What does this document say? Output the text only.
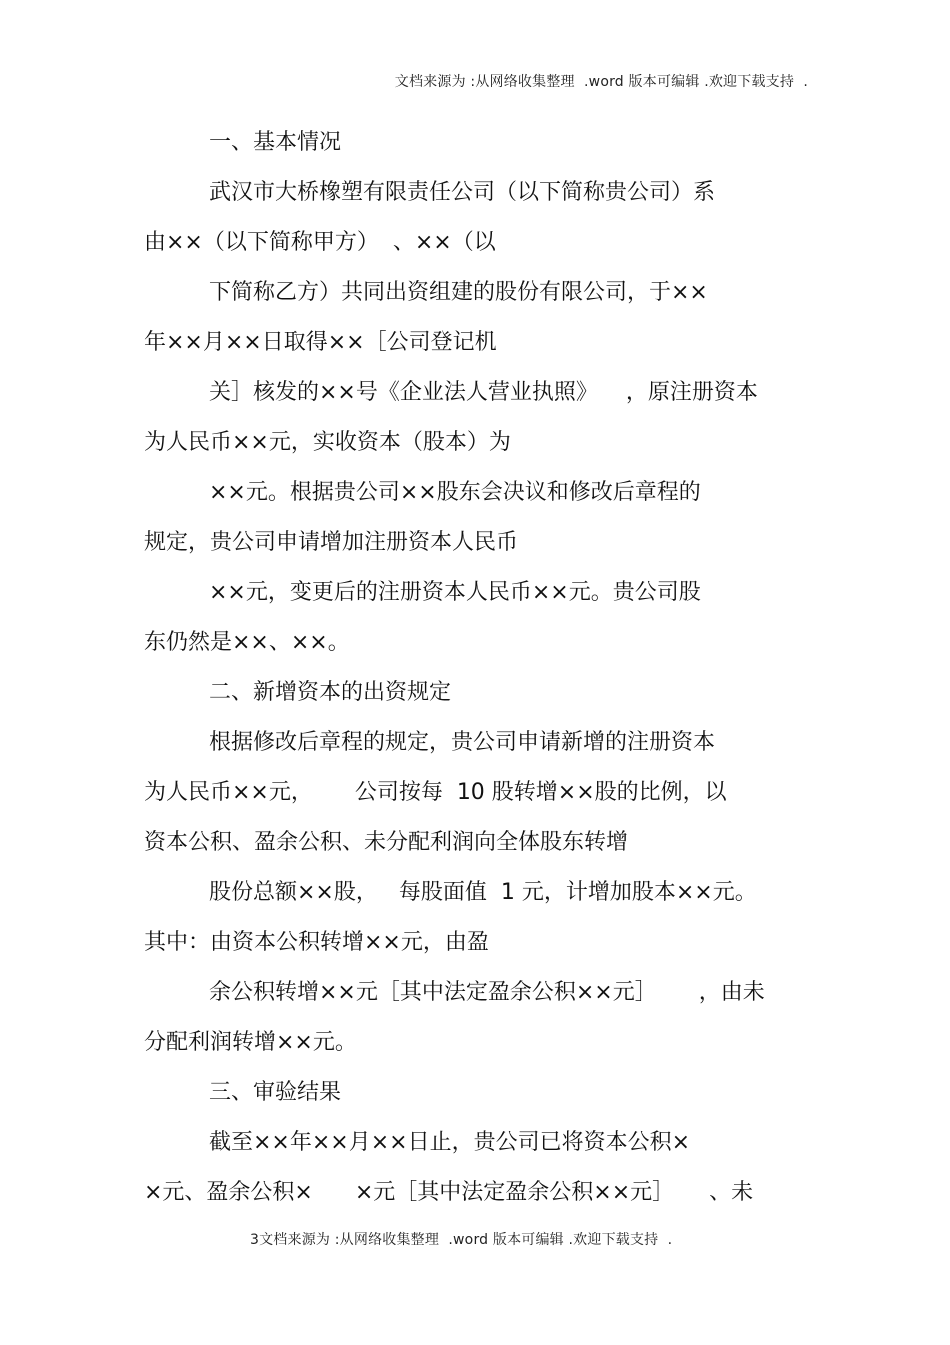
文档来源为 :从网络收集整理  .word 版本可编辑 .欢迎下载支持  .
一、基本情况
武汉市大桥橡塑有限责任公司（以下简称贵公司）系
由××（以下简称甲方）  、××（以
下简称乙方）共同出资组建的股份有限公司，于××
年××月××日取得××［公司登记机
关］核发的××号《企业法人营业执照》    ，原注册资本
为人民币××元，实收资本（股本）为
××元。根据贵公司××股东会决议和修改后章程的
规定，贵公司申请增加注册资本人民币
××元，变更后的注册资本人民币××元。贵公司股
东仍然是××、××。
二、新增资本的出资规定
根据修改后章程的规定，贵公司申请新增的注册资本
为人民币××元，      公司按每  10 股转增××股的比例，以
资本公积、盈余公积、未分配利润向全体股东转增
股份总额××股，   每股面值  1 元，计增加股本××元。
其中：由资本公积转增××元，由盈
余公积转增××元［其中法定盈余公积××元］      ，由未
分配利润转增××元。
三、审验结果
截至××年××月××日止，贵公司已将资本公积×
×元、盈余公积×      ×元［其中法定盈余公积××元］     、未
3文档来源为 :从网络收集整理  .word 版本可编辑 .欢迎下载支持  .
